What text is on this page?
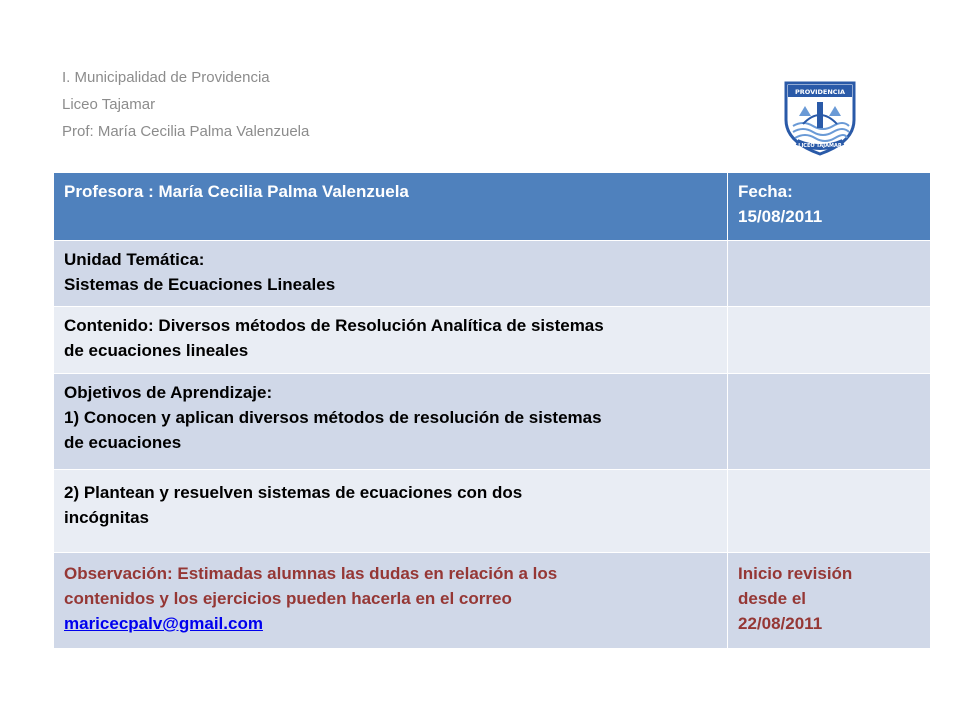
I. Municipalidad de Providencia
Liceo Tajamar
Prof: María Cecilia Palma Valenzuela
PROVIDENCIA
LICEO TAJAMAR
Profesora : María Cecilia Palma Valenzuela	Fecha:
15/08/2011

Unidad Temática:
Sistemas de Ecuaciones Lineales	

Contenido: Diversos métodos de Resolución Analítica de sistemas
de ecuaciones lineales	

Objetivos de Aprendizaje:
1) Conocen y aplican diversos métodos de resolución de sistemas
de ecuaciones	

2) Plantean y resuelven sistemas de ecuaciones con dos
incógnitas	

Observación: Estimadas alumnas las dudas en relación a los
contenidos y los ejercicios pueden hacerla en el correo
maricecpalv@gmail.com	Inicio revisión
desde el
22/08/2011
